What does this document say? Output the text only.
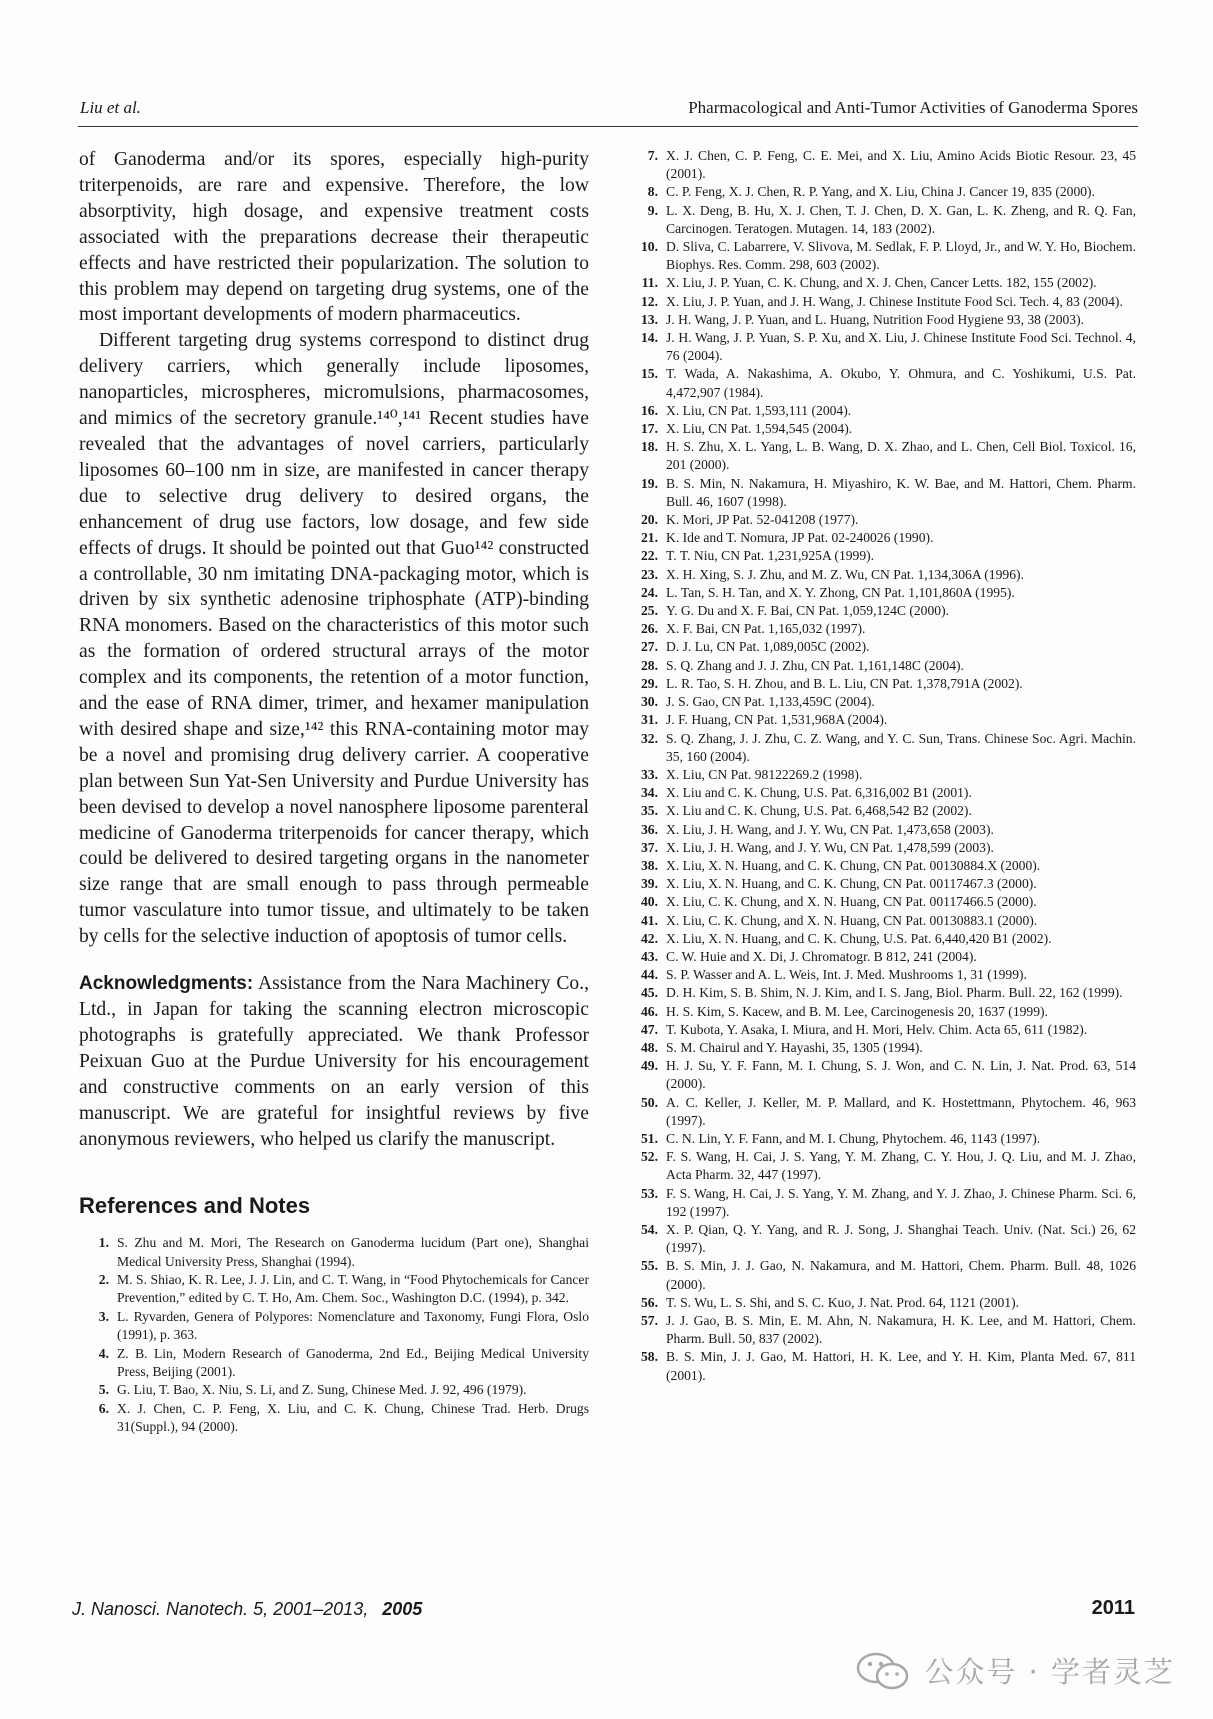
Liu et al.	Pharmacological and Anti-Tumor Activities of Ganoderma Spores

of Ganoderma and/or its spores, especially high-purity triterpenoids, are rare and expensive. Therefore, the low absorptivity, high dosage, and expensive treatment costs associated with the preparations decrease their therapeutic effects and have restricted their popularization. The solution to this problem may depend on targeting drug systems, one of the most important developments of modern pharmaceutics.

Different targeting drug systems correspond to distinct drug delivery carriers, which generally include liposomes, nanoparticles, microspheres, micromulsions, pharmacosomes, and mimics of the secretory granule.¹⁴⁰,¹⁴¹ Recent studies have revealed that the advantages of novel carriers, particularly liposomes 60–100 nm in size, are manifested in cancer therapy due to selective drug delivery to desired organs, the enhancement of drug use factors, low dosage, and few side effects of drugs. It should be pointed out that Guo¹⁴² constructed a controllable, 30 nm imitating DNA-packaging motor, which is driven by six synthetic adenosine triphosphate (ATP)-binding RNA monomers. Based on the characteristics of this motor such as the formation of ordered structural arrays of the motor complex and its components, the retention of a motor function, and the ease of RNA dimer, trimer, and hexamer manipulation with desired shape and size,¹⁴² this RNA-containing motor may be a novel and promising drug delivery carrier. A cooperative plan between Sun Yat-Sen University and Purdue University has been devised to develop a novel nanosphere liposome parenteral medicine of Ganoderma triterpenoids for cancer therapy, which could be delivered to desired targeting organs in the nanometer size range that are small enough to pass through permeable tumor vasculature into tumor tissue, and ultimately to be taken by cells for the selective induction of apoptosis of tumor cells.

Acknowledgments: Assistance from the Nara Machinery Co., Ltd., in Japan for taking the scanning electron microscopic photographs is gratefully appreciated. We thank Professor Peixuan Guo at the Purdue University for his encouragement and constructive comments on an early version of this manuscript. We are grateful for insightful reviews by five anonymous reviewers, who helped us clarify the manuscript.

References and Notes
1. S. Zhu and M. Mori, The Research on Ganoderma lucidum (Part one), Shanghai Medical University Press, Shanghai (1994).
2. M. S. Shiao, K. R. Lee, J. J. Lin, and C. T. Wang, in “Food Phytochemicals for Cancer Prevention,” edited by C. T. Ho, Am. Chem. Soc., Washington D.C. (1994), p. 342.
3. L. Ryvarden, Genera of Polypores: Nomenclature and Taxonomy, Fungi Flora, Oslo (1991), p. 363.
4. Z. B. Lin, Modern Research of Ganoderma, 2nd Ed., Beijing Medical University Press, Beijing (2001).
5. G. Liu, T. Bao, X. Niu, S. Li, and Z. Sung, Chinese Med. J. 92, 496 (1979).
6. X. J. Chen, C. P. Feng, X. Liu, and C. K. Chung, Chinese Trad. Herb. Drugs 31(Suppl.), 94 (2000).
7. X. J. Chen, C. P. Feng, C. E. Mei, and X. Liu, Amino Acids Biotic Resour. 23, 45 (2001).
8. C. P. Feng, X. J. Chen, R. P. Yang, and X. Liu, China J. Cancer 19, 835 (2000).
9. L. X. Deng, B. Hu, X. J. Chen, T. J. Chen, D. X. Gan, L. K. Zheng, and R. Q. Fan, Carcinogen. Teratogen. Mutagen. 14, 183 (2002).
10. D. Sliva, C. Labarrere, V. Slivova, M. Sedlak, F. P. Lloyd, Jr., and W. Y. Ho, Biochem. Biophys. Res. Comm. 298, 603 (2002).
11. X. Liu, J. P. Yuan, C. K. Chung, and X. J. Chen, Cancer Letts. 182, 155 (2002).
12. X. Liu, J. P. Yuan, and J. H. Wang, J. Chinese Institute Food Sci. Tech. 4, 83 (2004).
13. J. H. Wang, J. P. Yuan, and L. Huang, Nutrition Food Hygiene 93, 38 (2003).
14. J. H. Wang, J. P. Yuan, S. P. Xu, and X. Liu, J. Chinese Institute Food Sci. Technol. 4, 76 (2004).
15. T. Wada, A. Nakashima, A. Okubo, Y. Ohmura, and C. Yoshikumi, U.S. Pat. 4,472,907 (1984).
16. X. Liu, CN Pat. 1,593,111 (2004).
17. X. Liu, CN Pat. 1,594,545 (2004).
18. H. S. Zhu, X. L. Yang, L. B. Wang, D. X. Zhao, and L. Chen, Cell Biol. Toxicol. 16, 201 (2000).
19. B. S. Min, N. Nakamura, H. Miyashiro, K. W. Bae, and M. Hattori, Chem. Pharm. Bull. 46, 1607 (1998).
20. K. Mori, JP Pat. 52-041208 (1977).
21. K. Ide and T. Nomura, JP Pat. 02-240026 (1990).
22. T. T. Niu, CN Pat. 1,231,925A (1999).
23. X. H. Xing, S. J. Zhu, and M. Z. Wu, CN Pat. 1,134,306A (1996).
24. L. Tan, S. H. Tan, and X. Y. Zhong, CN Pat. 1,101,860A (1995).
25. Y. G. Du and X. F. Bai, CN Pat. 1,059,124C (2000).
26. X. F. Bai, CN Pat. 1,165,032 (1997).
27. D. J. Lu, CN Pat. 1,089,005C (2002).
28. S. Q. Zhang and J. J. Zhu, CN Pat. 1,161,148C (2004).
29. L. R. Tao, S. H. Zhou, and B. L. Liu, CN Pat. 1,378,791A (2002).
30. J. S. Gao, CN Pat. 1,133,459C (2004).
31. J. F. Huang, CN Pat. 1,531,968A (2004).
32. S. Q. Zhang, J. J. Zhu, C. Z. Wang, and Y. C. Sun, Trans. Chinese Soc. Agri. Machin. 35, 160 (2004).
33. X. Liu, CN Pat. 98122269.2 (1998).
34. X. Liu and C. K. Chung, U.S. Pat. 6,316,002 B1 (2001).
35. X. Liu and C. K. Chung, U.S. Pat. 6,468,542 B2 (2002).
36. X. Liu, J. H. Wang, and J. Y. Wu, CN Pat. 1,473,658 (2003).
37. X. Liu, J. H. Wang, and J. Y. Wu, CN Pat. 1,478,599 (2003).
38. X. Liu, X. N. Huang, and C. K. Chung, CN Pat. 00130884.X (2000).
39. X. Liu, X. N. Huang, and C. K. Chung, CN Pat. 00117467.3 (2000).
40. X. Liu, C. K. Chung, and X. N. Huang, CN Pat. 00117466.5 (2000).
41. X. Liu, C. K. Chung, and X. N. Huang, CN Pat. 00130883.1 (2000).
42. X. Liu, X. N. Huang, and C. K. Chung, U.S. Pat. 6,440,420 B1 (2002).
43. C. W. Huie and X. Di, J. Chromatogr. B 812, 241 (2004).
44. S. P. Wasser and A. L. Weis, Int. J. Med. Mushrooms 1, 31 (1999).
45. D. H. Kim, S. B. Shim, N. J. Kim, and I. S. Jang, Biol. Pharm. Bull. 22, 162 (1999).
46. H. S. Kim, S. Kacew, and B. M. Lee, Carcinogenesis 20, 1637 (1999).
47. T. Kubota, Y. Asaka, I. Miura, and H. Mori, Helv. Chim. Acta 65, 611 (1982).
48. S. M. Chairul and Y. Hayashi, 35, 1305 (1994).
49. H. J. Su, Y. F. Fann, M. I. Chung, S. J. Won, and C. N. Lin, J. Nat. Prod. 63, 514 (2000).
50. A. C. Keller, J. Keller, M. P. Mallard, and K. Hostettmann, Phytochem. 46, 963 (1997).
51. C. N. Lin, Y. F. Fann, and M. I. Chung, Phytochem. 46, 1143 (1997).
52. F. S. Wang, H. Cai, J. S. Yang, Y. M. Zhang, C. Y. Hou, J. Q. Liu, and M. J. Zhao, Acta Pharm. 32, 447 (1997).
53. F. S. Wang, H. Cai, J. S. Yang, Y. M. Zhang, and Y. J. Zhao, J. Chinese Pharm. Sci. 6, 192 (1997).
54. X. P. Qian, Q. Y. Yang, and R. J. Song, J. Shanghai Teach. Univ. (Nat. Sci.) 26, 62 (1997).
55. B. S. Min, J. J. Gao, N. Nakamura, and M. Hattori, Chem. Pharm. Bull. 48, 1026 (2000).
56. T. S. Wu, L. S. Shi, and S. C. Kuo, J. Nat. Prod. 64, 1121 (2001).
57. J. J. Gao, B. S. Min, E. M. Ahn, N. Nakamura, H. K. Lee, and M. Hattori, Chem. Pharm. Bull. 50, 837 (2002).
58. B. S. Min, J. J. Gao, M. Hattori, H. K. Lee, and Y. H. Kim, Planta Med. 67, 811 (2001).
J. Nanosci. Nanotech. 5, 2001–2013, 2005	2011
公众号 · 学者灵芝
